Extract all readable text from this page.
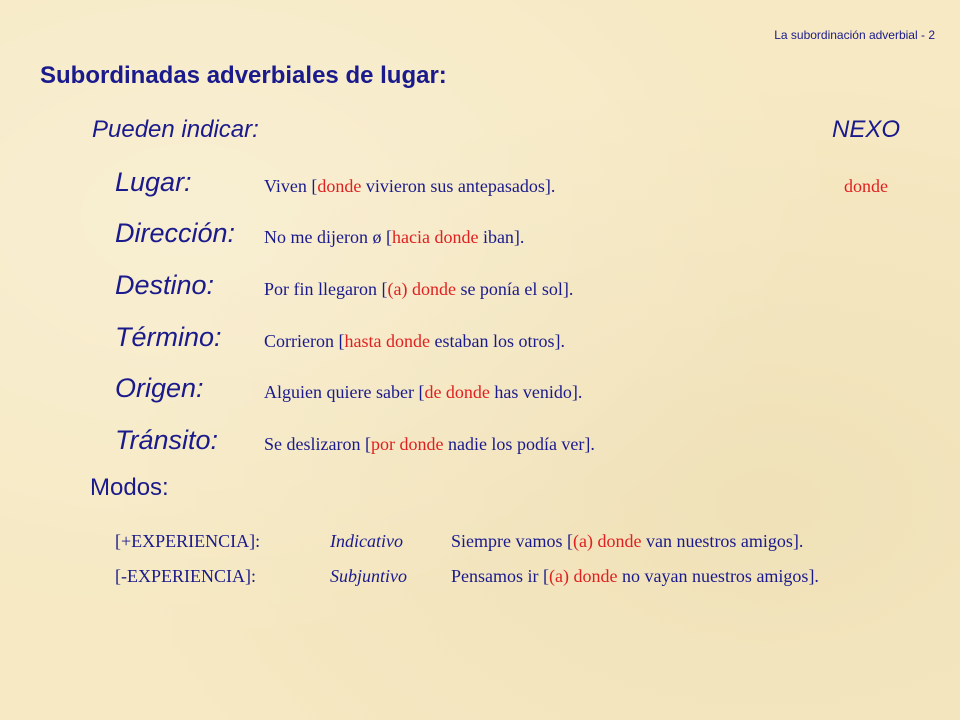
La subordinación adverbial - 2
Subordinadas adverbiales de lugar:
Pueden indicar:	NEXO
Lugar:	Viven [donde vivieron sus antepasados].	donde
Dirección: No me dijeron ø [hacia donde iban].
Destino:	Por fin llegaron [(a) donde se ponía el sol].
Término: Corrieron [hasta donde estaban los otros].
Origen:	Alguien quiere saber [de donde has venido].
Tránsito:	Se deslizaron [por donde nadie los podía ver].
Modos:
[+EXPERIENCIA]:	Indicativo	Siempre vamos [(a) donde van nuestros amigos].
[-EXPERIENCIA]:	Subjuntivo Pensamos ir [(a) donde no vayan nuestros amigos].
